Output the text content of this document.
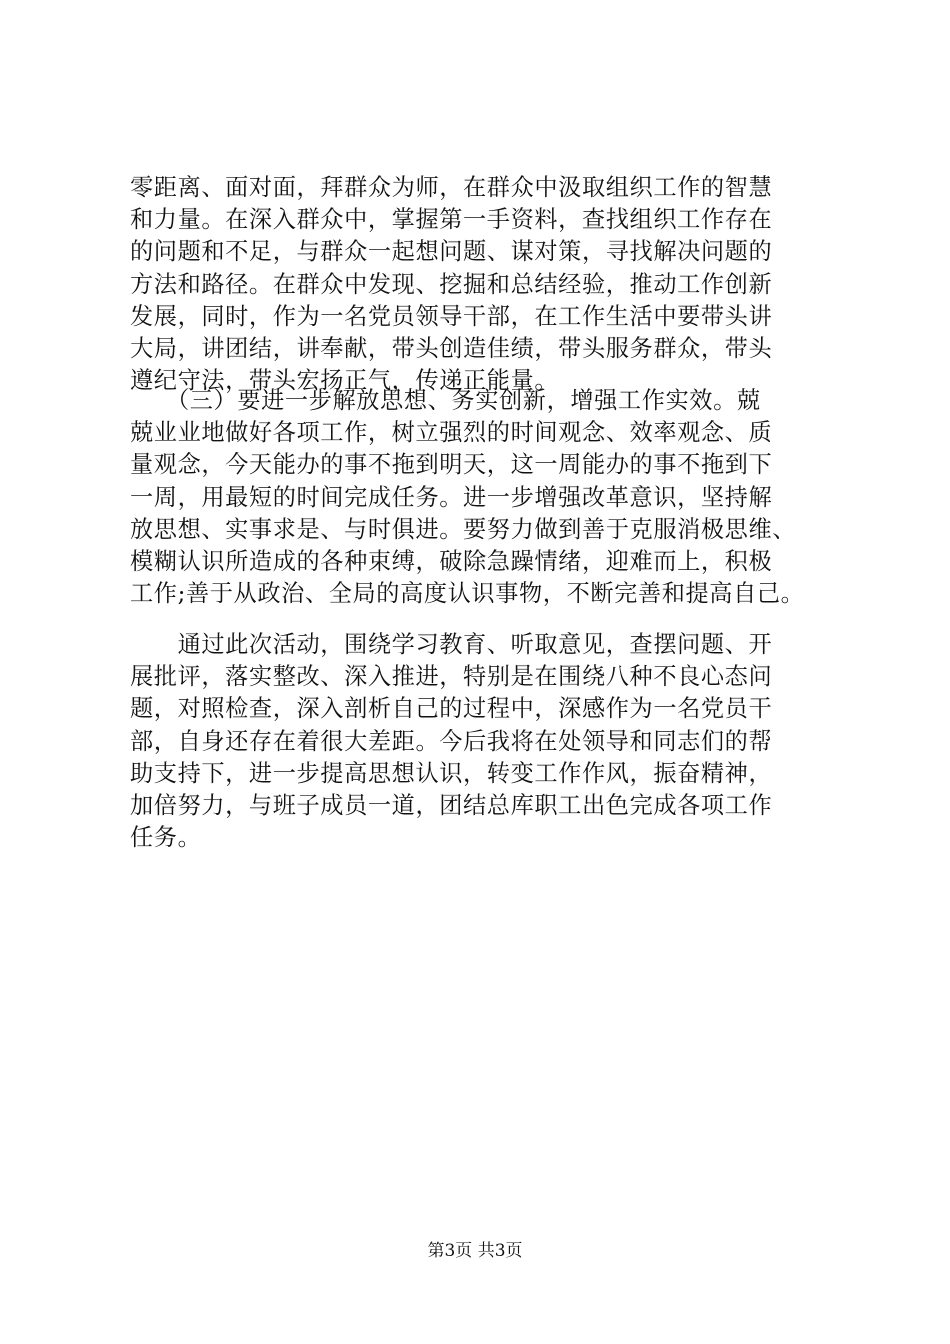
零距离、面对面，拜群众为师，在群众中汲取组织工作的智慧
和力量。在深入群众中，掌握第一手资料，查找组织工作存在
的问题和不足，与群众一起想问题、谋对策，寻找解决问题的
方法和路径。在群众中发现、挖掘和总结经验，推动工作创新
发展，同时，作为一名党员领导干部，在工作生活中要带头讲
大局，讲团结，讲奉献，带头创造佳绩，带头服务群众，带头
遵纪守法，带头宏扬正气，传递正能量。
　　（三）要进一步解放思想、务实创新，增强工作实效。兢
兢业业地做好各项工作，树立强烈的时间观念、效率观念、质
量观念，今天能办的事不拖到明天，这一周能办的事不拖到下
一周，用最短的时间完成任务。进一步增强改革意识，坚持解
放思想、实事求是、与时俱进。要努力做到善于克服消极思维、
模糊认识所造成的各种束缚，破除急躁情绪，迎难而上，积极
工作;善于从政治、全局的高度认识事物，不断完善和提高自己。
　　通过此次活动，围绕学习教育、听取意见，查摆问题、开
展批评，落实整改、深入推进，特别是在围绕八种不良心态问
题，对照检查，深入剖析自己的过程中，深感作为一名党员干
部，自身还存在着很大差距。今后我将在处领导和同志们的帮
助支持下，进一步提高思想认识，转变工作作风，振奋精神，
加倍努力，与班子成员一道，团结总库职工出色完成各项工作
任务。
第3页 共3页
